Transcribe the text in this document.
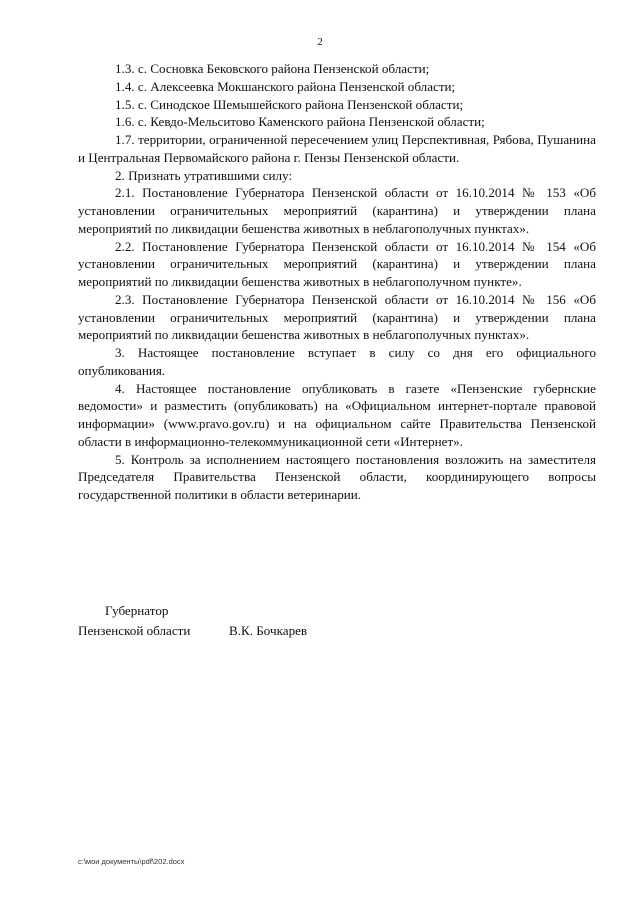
2

1.3. с. Сосновка Бековского района Пензенской области;

1.4. с. Алексеевка Мокшанского района Пензенской области;

1.5. с. Синодское Шемышейского района Пензенской области;

1.6. с. Кевдо-Мельситово Каменского района Пензенской области;

1.7. территории, ограниченной пересечением улиц Перспективная, Рябова, Пушанина и Центральная Первомайского района г. Пензы Пензенской области.

2. Признать утратившими силу:

2.1. Постановление Губернатора Пензенской области от 16.10.2014 № 153 «Об установлении ограничительных мероприятий (карантина) и утверждении плана мероприятий по ликвидации бешенства животных в неблагополучных пунктах».

2.2. Постановление Губернатора Пензенской области от 16.10.2014 № 154 «Об установлении ограничительных мероприятий (карантина) и утверждении плана мероприятий по ликвидации бешенства животных в неблагополучном пункте».

2.3. Постановление Губернатора Пензенской области от 16.10.2014 № 156 «Об установлении ограничительных мероприятий (карантина) и утверждении плана мероприятий по ликвидации бешенства животных в неблагополучных пунктах».

3. Настоящее постановление вступает в силу со дня его официального опубликования.

4. Настоящее постановление опубликовать в газете «Пензенские губернские ведомости» и разместить (опубликовать) на «Официальном интернет-портале правовой информации» (www.pravo.gov.ru) и на официальном сайте Правительства Пензенской области в информационно-телекоммуникационной сети «Интернет».

5. Контроль за исполнением настоящего постановления возложить на заместителя Председателя Правительства Пензенской области, координирующего вопросы государственной политики в области ветеринарии.

Губернатор
Пензенской области	В.К. Бочкарев
c:\мои документы\pdf\202.docx
